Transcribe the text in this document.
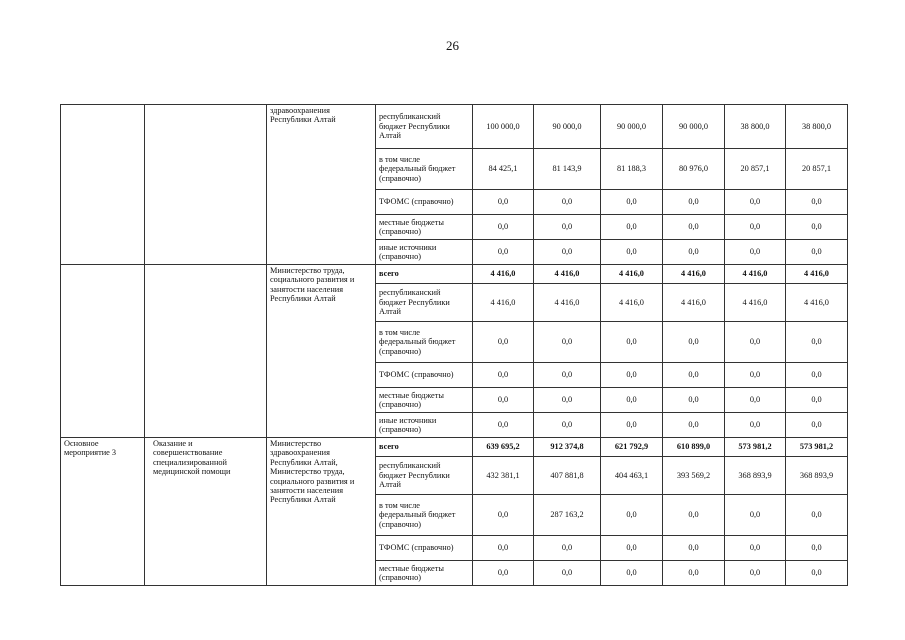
26
		здравоохранения Республики Алтай	республиканский бюджет Республики Алтай	100 000,0	90 000,0	90 000,0	90 000,0	38 800,0	38 800,0
			в том числе федеральный бюджет (справочно)	84 425,1	81 143,9	81 188,3	80 976,0	20 857,1	20 857,1
			ТФОМС (справочно)	0,0	0,0	0,0	0,0	0,0	0,0
			местные бюджеты (справочно)	0,0	0,0	0,0	0,0	0,0	0,0
			иные источники (справочно)	0,0	0,0	0,0	0,0	0,0	0,0
		Министерство труда, социального развития и занятости населения Республики Алтай	всего	4 416,0	4 416,0	4 416,0	4 416,0	4 416,0	4 416,0
			республиканский бюджет Республики Алтай	4 416,0	4 416,0	4 416,0	4 416,0	4 416,0	4 416,0
			в том числе федеральный бюджет (справочно)	0,0	0,0	0,0	0,0	0,0	0,0
			ТФОМС (справочно)	0,0	0,0	0,0	0,0	0,0	0,0
			местные бюджеты (справочно)	0,0	0,0	0,0	0,0	0,0	0,0
			иные источники (справочно)	0,0	0,0	0,0	0,0	0,0	0,0
Основное мероприятие 3	Оказание и совершенствование специализированной медицинской помощи	Министерство здравоохранения Республики Алтай, Министерство труда, социального развития и занятости населения Республики Алтай	всего	639 695,2	912 374,8	621 792,9	610 899,0	573 981,2	573 981,2
			республиканский бюджет Республики Алтай	432 381,1	407 881,8	404 463,1	393 569,2	368 893,9	368 893,9
			в том числе федеральный бюджет (справочно)	0,0	287 163,2	0,0	0,0	0,0	0,0
			ТФОМС (справочно)	0,0	0,0	0,0	0,0	0,0	0,0
			местные бюджеты (справочно)	0,0	0,0	0,0	0,0	0,0	0,0
